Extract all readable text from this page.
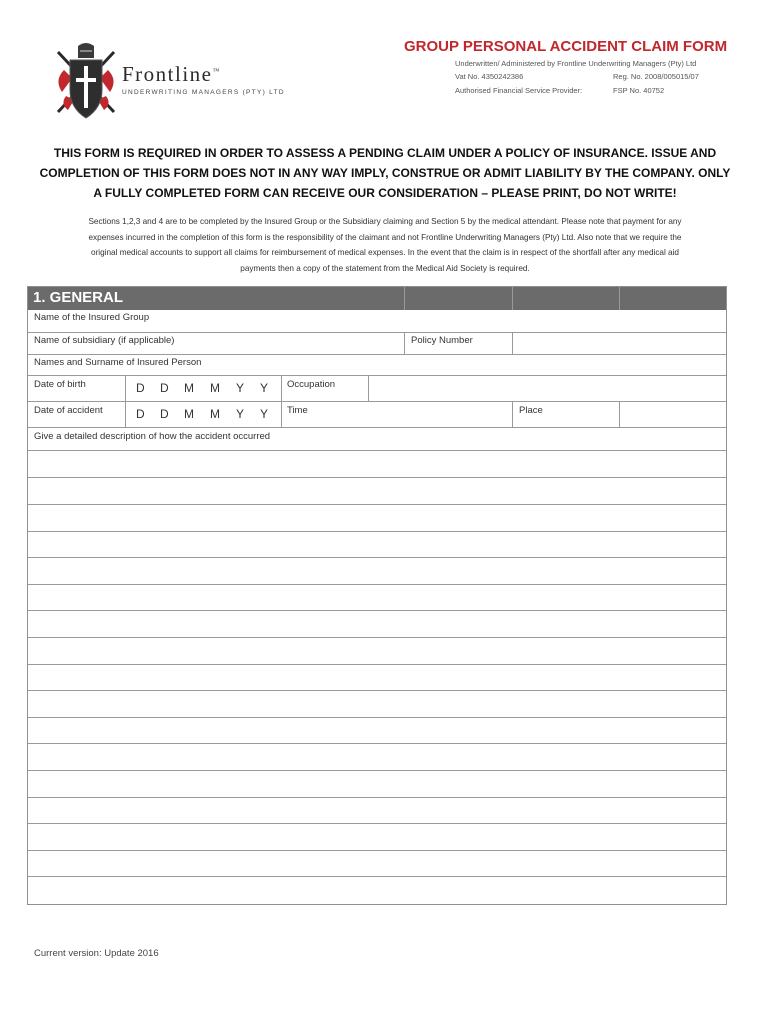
Frontline™
UNDERWRITING MANAGERS (PTY) LTD
GROUP PERSONAL ACCIDENT CLAIM FORM
Underwritten/ Administered by Frontline Underwriting Managers (Pty) Ltd
Vat No. 4350242386	Reg. No. 2008/005015/07
Authorised Financial Service Provider:	FSP No. 40752
THIS FORM IS REQUIRED IN ORDER TO ASSESS A PENDING CLAIM UNDER A POLICY OF INSURANCE. ISSUE AND
COMPLETION OF THIS FORM DOES NOT IN ANY WAY IMPLY, CONSTRUE OR ADMIT LIABILITY BY THE COMPANY. ONLY
A FULLY COMPLETED FORM CAN RECEIVE OUR CONSIDERATION – PLEASE PRINT, DO NOT WRITE!
Sections 1,2,3 and 4 are to be completed by the Insured Group or the Subsidiary claiming and Section 5 by the medical attendant. Please note that payment for any
expenses incurred in the completion of this form is the responsibility of the claimant and not Frontline Underwriting Managers (Pty) Ltd. Also note that we require the
original medical accounts to support all claims for reimbursement of medical expenses. In the event that the claim is in respect of the shortfall after any medical aid
payments then a copy of the statement from the Medical Aid Society is required.
1. GENERAL
Name of the Insured Group
Name of subsidiary (if applicable)	Policy Number
Names and Surname of Insured Person
Date of birth	D D M M Y Y Occupation
Date of accident	D D M M Y Y Time	Place
Give a detailed description of how the accident occurred
Current version: Update 2016
